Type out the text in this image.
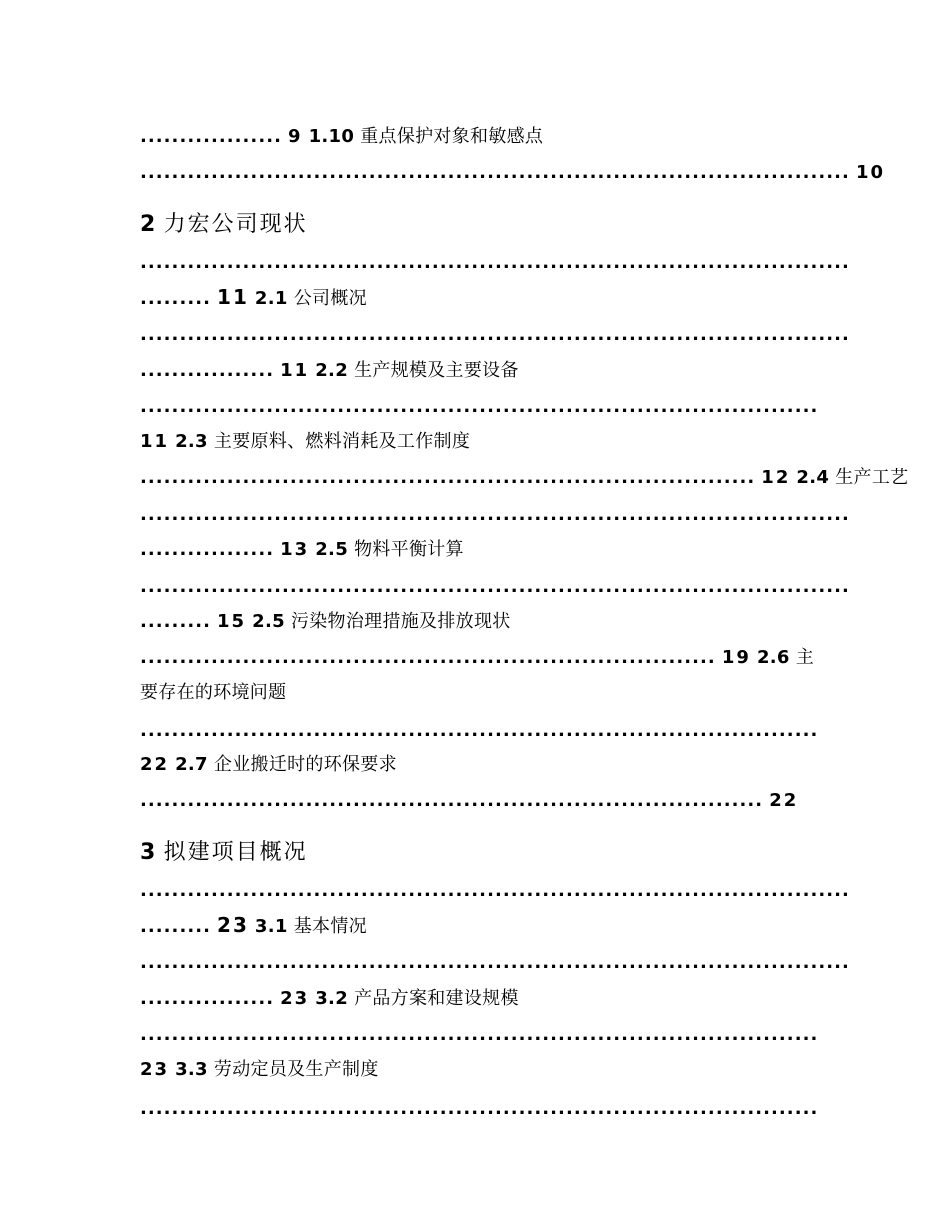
.................. 9 1.10 重点保护对象和敏感点
.......................................................................................... 10
2 力宏公司现状
..........................................................................................
......... 11 2.1 公司概况
..........................................................................................
................. 11 2.2 生产规模及主要设备
......................................................................................
11 2.3 主要原料、燃料消耗及工作制度
.............................................................................. 12 2.4 生产工艺
..........................................................................................
................. 13 2.5 物料平衡计算
..........................................................................................
......... 15 2.5 污染物治理措施及排放现状
......................................................................... 19 2.6 主
要存在的环境问题
......................................................................................
22 2.7 企业搬迁时的环保要求
............................................................................... 22
3 拟建项目概况
..........................................................................................
......... 23 3.1 基本情况
..........................................................................................
................. 23 3.2 产品方案和建设规模
......................................................................................
23 3.3 劳动定员及生产制度
......................................................................................
